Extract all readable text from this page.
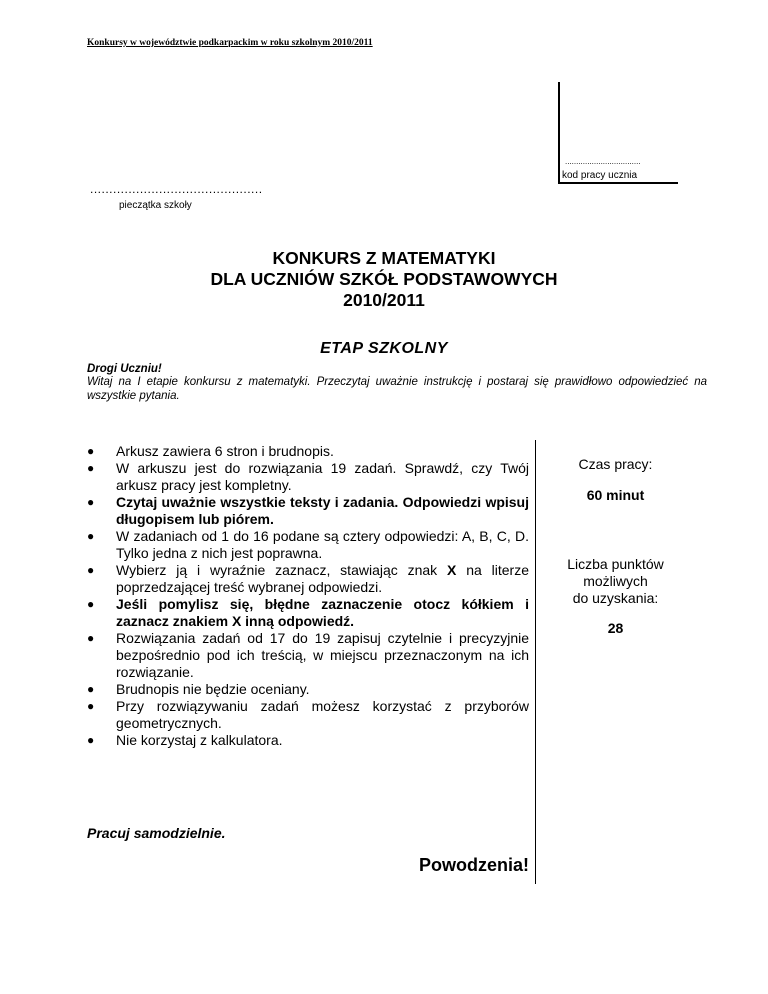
Konkursy w województwie podkarpackim w roku szkolnym 2010/2011
..................................
kod pracy ucznia
.............................................
pieczątka szkoły
KONKURS Z MATEMATYKI
DLA UCZNIÓW SZKÓŁ PODSTAWOWYCH
2010/2011
ETAP SZKOLNY
Drogi Uczniu!
Witaj na I etapie konkursu z matematyki. Przeczytaj uważnie instrukcję i postaraj się prawidłowo odpowiedzieć na wszystkie pytania.
● Arkusz zawiera 6 stron i brudnopis.
● W arkuszu jest do rozwiązania 19 zadań. Sprawdź, czy Twój arkusz pracy jest kompletny.
● Czytaj uważnie wszystkie teksty i zadania. Odpowiedzi wpisuj długopisem lub piórem.
● W zadaniach od 1 do 16 podane są cztery odpowiedzi: A, B, C, D. Tylko jedna z nich jest poprawna.
● Wybierz ją i wyraźnie zaznacz, stawiając znak X na literze poprzedzającej treść wybranej odpowiedzi.
● Jeśli pomylisz się, błędne zaznaczenie otocz kółkiem i zaznacz znakiem X inną odpowiedź.
● Rozwiązania zadań od 17 do 19 zapisuj czytelnie i precyzyjnie bezpośrednio pod ich treścią, w miejscu przeznaczonym na ich rozwiązanie.
● Brudnopis nie będzie oceniany.
● Przy rozwiązywaniu zadań możesz korzystać z przyborów geometrycznych.
● Nie korzystaj z kalkulatora.
Czas pracy:
60 minut
Liczba punktów
możliwych
do uzyskania:
28
Pracuj samodzielnie.
Powodzenia!
